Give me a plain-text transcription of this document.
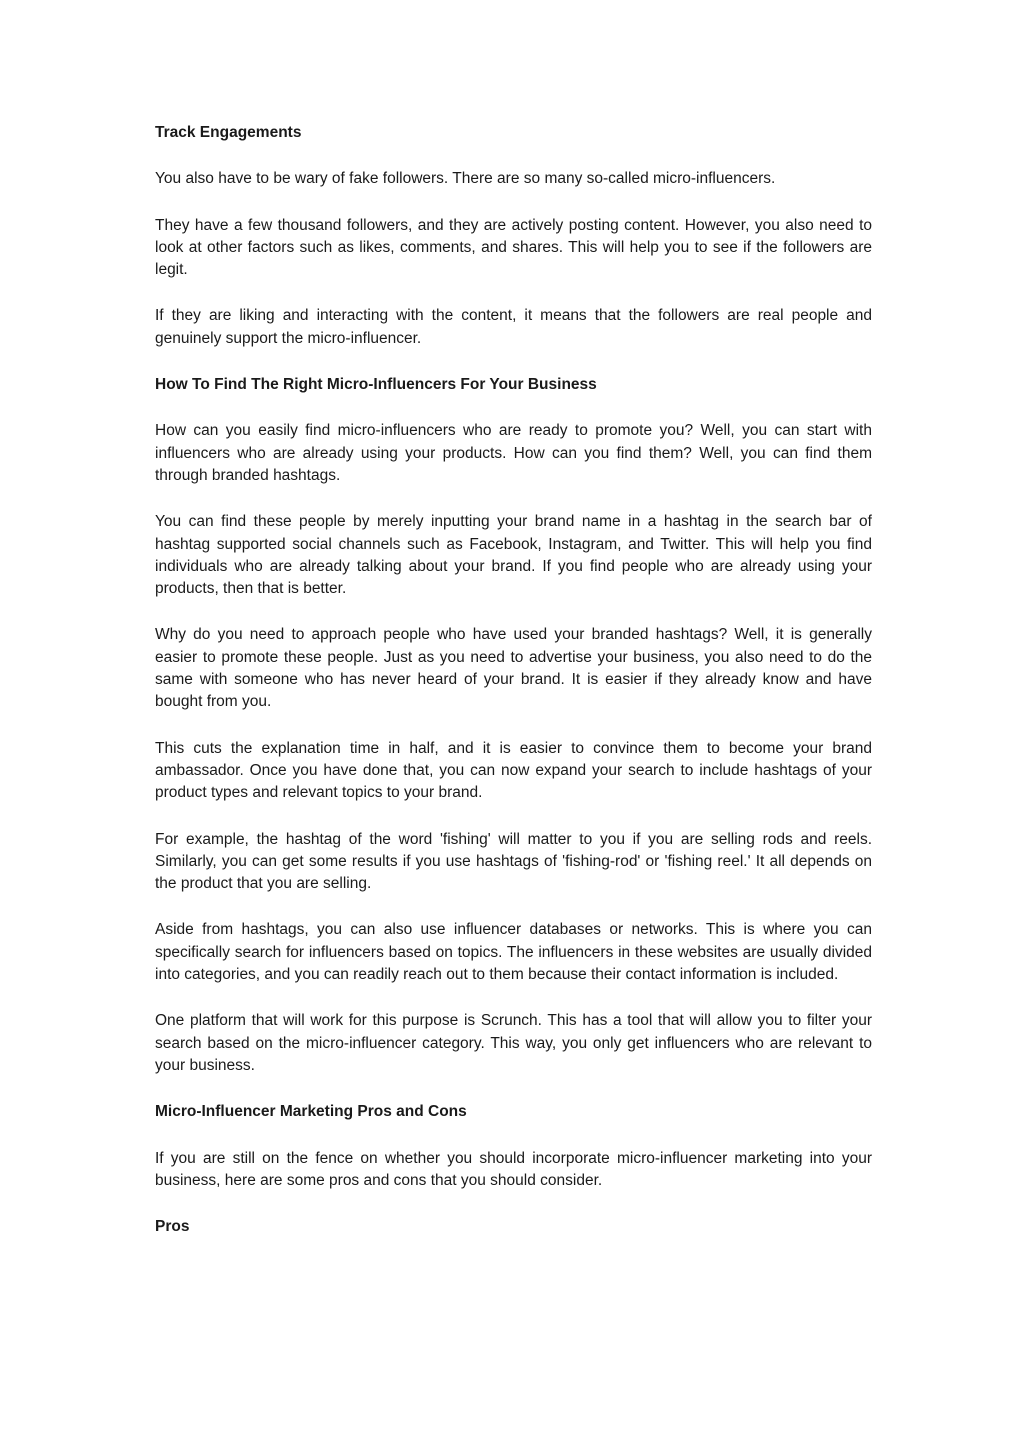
Track Engagements

You also have to be wary of fake followers. There are so many so-called micro-influencers.

They have a few thousand followers, and they are actively posting content. However, you also need to look at other factors such as likes, comments, and shares. This will help you to see if the followers are legit.

If they are liking and interacting with the content, it means that the followers are real people and genuinely support the micro-influencer.

How To Find The Right Micro-Influencers For Your Business

How can you easily find micro-influencers who are ready to promote you? Well, you can start with influencers who are already using your products. How can you find them? Well, you can find them through branded hashtags.

You can find these people by merely inputting your brand name in a hashtag in the search bar of hashtag supported social channels such as Facebook, Instagram, and Twitter. This will help you find individuals who are already talking about your brand. If you find people who are already using your products, then that is better.

Why do you need to approach people who have used your branded hashtags? Well, it is generally easier to promote these people. Just as you need to advertise your business, you also need to do the same with someone who has never heard of your brand. It is easier if they already know and have bought from you.

This cuts the explanation time in half, and it is easier to convince them to become your brand ambassador. Once you have done that, you can now expand your search to include hashtags of your product types and relevant topics to your brand.

For example, the hashtag of the word 'fishing' will matter to you if you are selling rods and reels. Similarly, you can get some results if you use hashtags of 'fishing-rod' or 'fishing reel.' It all depends on the product that you are selling.

Aside from hashtags, you can also use influencer databases or networks. This is where you can specifically search for influencers based on topics. The influencers in these websites are usually divided into categories, and you can readily reach out to them because their contact information is included.

One platform that will work for this purpose is Scrunch. This has a tool that will allow you to filter your search based on the micro-influencer category. This way, you only get influencers who are relevant to your business.

Micro-Influencer Marketing Pros and Cons

If you are still on the fence on whether you should incorporate micro-influencer marketing into your business, here are some pros and cons that you should consider.

Pros
